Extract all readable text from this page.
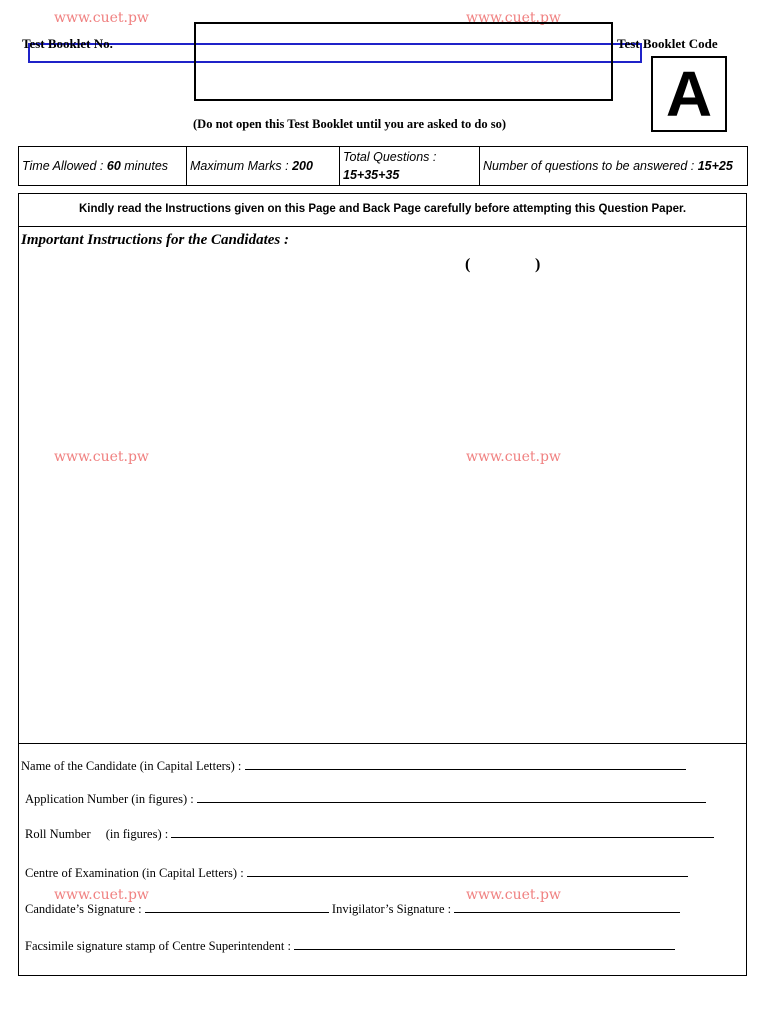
www.cuet.pw	www.cuet.pw
www.cuet.pw	www.cuet.pw
www.cuet.pw	www.cuet.pw
Test Booklet No.	Test Booklet Code
A
(Do not open this Test Booklet until you are asked to do so)
Time Allowed : 60 minutes	Maximum Marks : 200	Total Questions :
15+35+35	Number of questions to be answered : 15+25
Kindly read the Instructions given on this Page and Back Page carefully before attempting this Question Paper.
Important Instructions for the Candidates :
(	)
Name of the Candidate (in Capital Letters) :
Application Number (in figures) :
Roll Number (in figures) :
Centre of Examination (in Capital Letters) :
Candidate’s Signature :	Invigilator’s Signature :
Facsimile signature stamp of Centre Superintendent :
